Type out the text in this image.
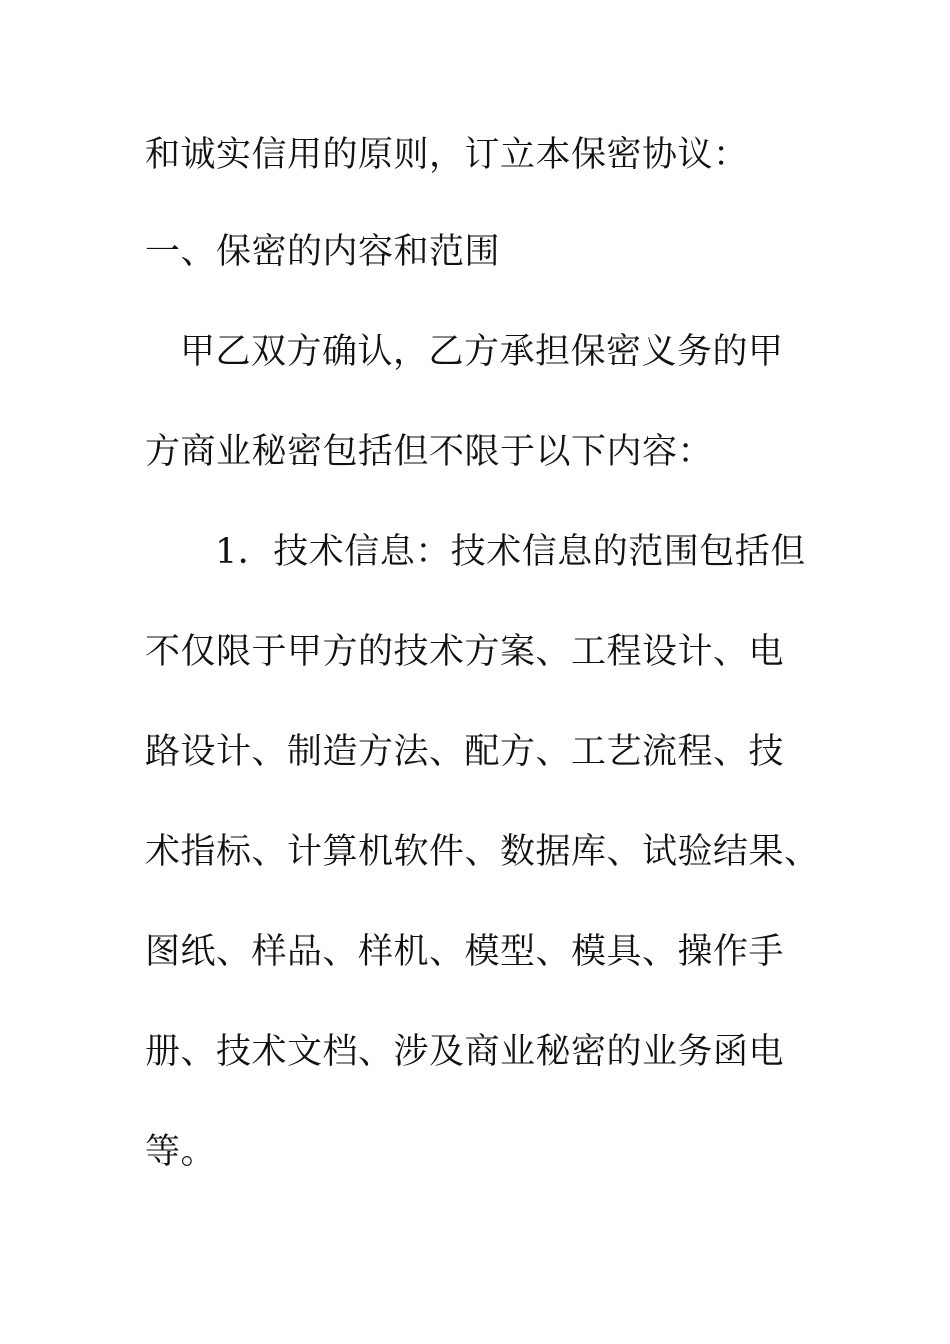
和诚实信用的原则，订立本保密协议：

一、保密的内容和范围

甲乙双方确认，乙方承担保密义务的甲

方商业秘密包括但不限于以下内容：

1．技术信息：技术信息的范围包括但

不仅限于甲方的技术方案、工程设计、电

路设计、制造方法、配方、工艺流程、技

术指标、计算机软件、数据库、试验结果、

图纸、样品、样机、模型、模具、操作手

册、技术文档、涉及商业秘密的业务函电

等。
